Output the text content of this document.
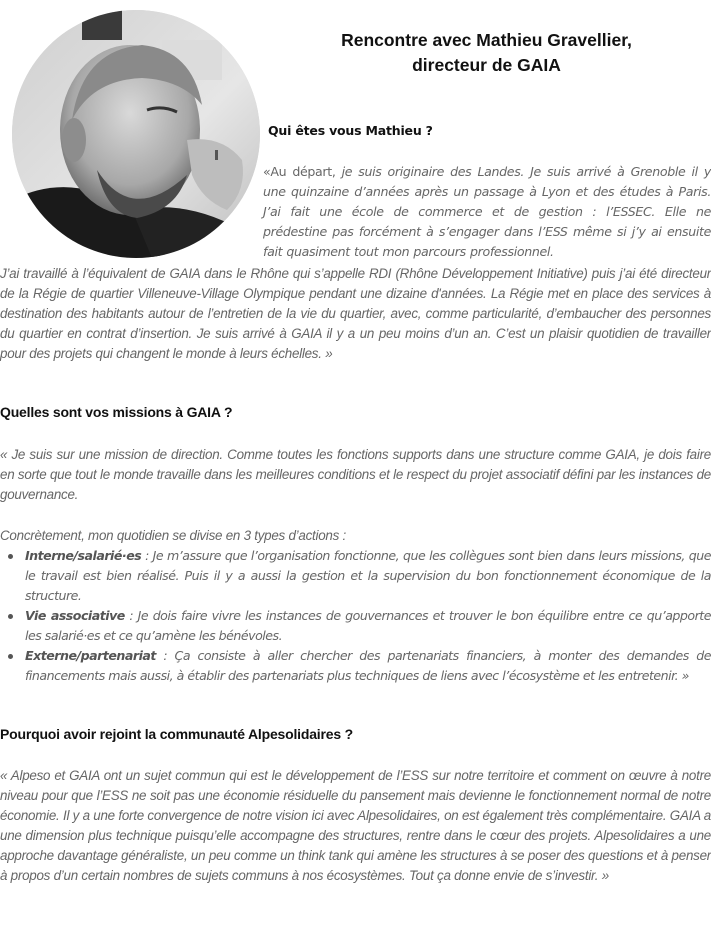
Rencontre avec Mathieu Gravellier,
directeur de GAIA
Qui êtes vous Mathieu ?
«Au départ, je suis originaire des Landes. Je suis arrivé à Grenoble il y une quinzaine d’années après un passage à Lyon et des études à Paris. J’ai fait une école de commerce et de gestion : l’ESSEC. Elle ne prédestine pas forcément à s’engager dans l’ESS même si j’y ai ensuite fait quasiment tout mon parcours professionnel.
J’ai travaillé à l’équivalent de GAIA dans le Rhône qui s’appelle RDI (Rhône Développement Initiative) puis j’ai été directeur de la Régie de quartier Villeneuve-Village Olympique pendant une dizaine d'années. La Régie met en place des services à destination des habitants autour de l’entretien de la vie du quartier, avec, comme particularité, d’embaucher des personnes du quartier en contrat d’insertion. Je suis arrivé à GAIA il y a un peu moins d’un an. C’est un plaisir quotidien de travailler pour des projets qui changent le monde à leurs échelles. »
Quelles sont vos missions à GAIA ?
« Je suis sur une mission de direction. Comme toutes les fonctions supports dans une structure comme GAIA, je dois faire en sorte que tout le monde travaille dans les meilleures conditions et le respect du projet associatif défini par les instances de gouvernance.
Concrètement, mon quotidien se divise en 3 types d’actions :
Interne/salarié·es : Je m’assure que l’organisation fonctionne, que les collègues sont bien dans leurs missions, que le travail est bien réalisé. Puis il y a aussi la gestion et la supervision du bon fonctionnement économique de la structure.
Vie associative : Je dois faire vivre les instances de gouvernances et trouver le bon équilibre entre ce qu’apporte les salarié·es et ce qu’amène les bénévoles.
Externe/partenariat : Ça consiste à aller chercher des partenariats financiers, à monter des demandes de financements mais aussi, à établir des partenariats plus techniques de liens avec l’écosystème et les entretenir. »
Pourquoi avoir rejoint la communauté Alpesolidaires ?
« Alpeso et GAIA ont un sujet commun qui est le développement de l’ESS sur notre territoire et comment on œuvre à notre niveau pour que l’ESS ne soit pas une économie résiduelle du pansement mais devienne le fonctionnement normal de notre économie. Il y a une forte convergence de notre vision ici avec Alpesolidaires, on est également très complémentaire. GAIA a une dimension plus technique puisqu’elle accompagne des structures, rentre dans le cœur des projets. Alpesolidaires a une approche davantage généraliste, un peu comme un think tank qui amène les structures à se poser des questions et à penser à propos d’un certain nombres de sujets communs à nos écosystèmes. Tout ça donne envie de s’investir. »
